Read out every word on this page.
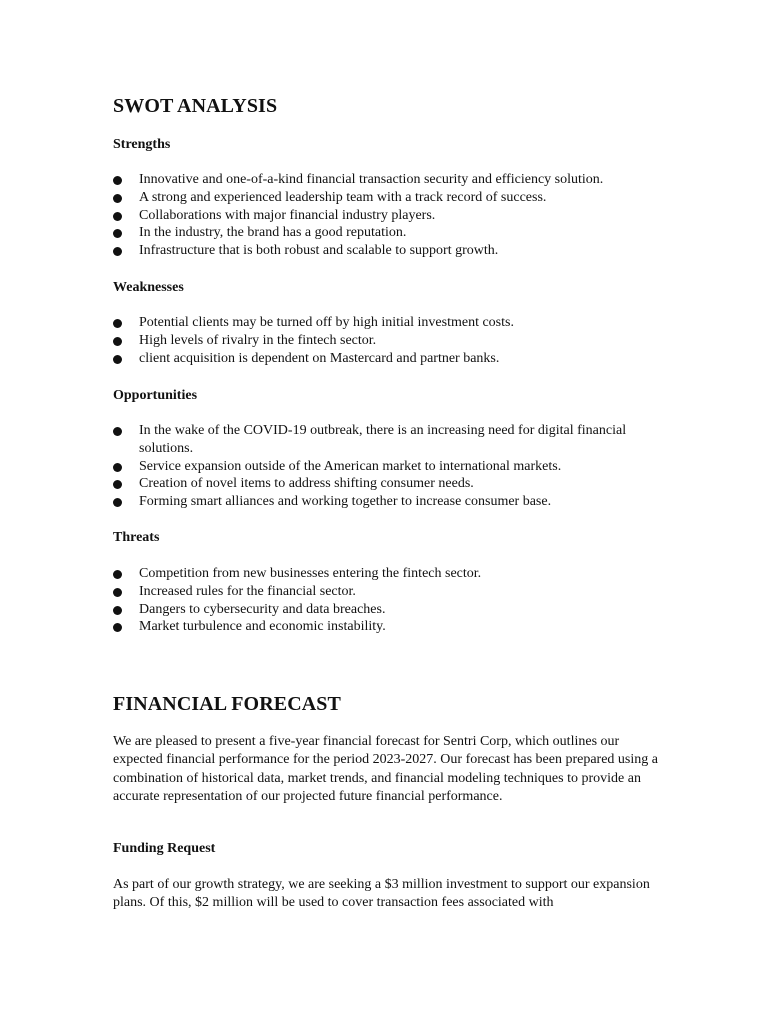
SWOT ANALYSIS
Strengths
Innovative and one-of-a-kind financial transaction security and efficiency solution.
A strong and experienced leadership team with a track record of success.
Collaborations with major financial industry players.
In the industry, the brand has a good reputation.
Infrastructure that is both robust and scalable to support growth.
Weaknesses
Potential clients may be turned off by high initial investment costs.
High levels of rivalry in the fintech sector.
client acquisition is dependent on Mastercard and partner banks.
Opportunities
In the wake of the COVID-19 outbreak, there is an increasing need for digital financial solutions.
Service expansion outside of the American market to international markets.
Creation of novel items to address shifting consumer needs.
Forming smart alliances and working together to increase consumer base.
Threats
Competition from new businesses entering the fintech sector.
Increased rules for the financial sector.
Dangers to cybersecurity and data breaches.
Market turbulence and economic instability.
FINANCIAL FORECAST

We are pleased to present a five-year financial forecast for Sentri Corp, which outlines our expected financial performance for the period 2023-2027. Our forecast has been prepared using a combination of historical data, market trends, and financial modeling techniques to provide an accurate representation of our projected future financial performance.

Funding Request

As part of our growth strategy, we are seeking a $3 million investment to support our expansion plans. Of this, $2 million will be used to cover transaction fees associated with
